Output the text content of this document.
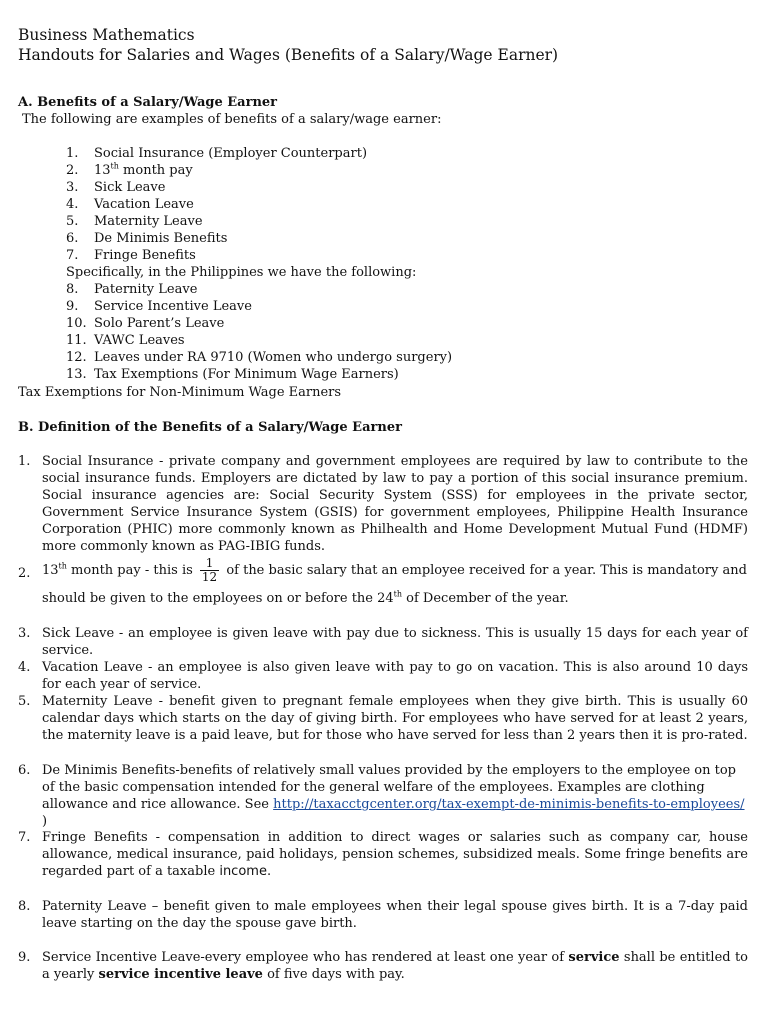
Business Mathematics
Handouts for Salaries and Wages (Benefits of a Salary/Wage Earner)
A. Benefits of a Salary/Wage Earner
The following are examples of benefits of a salary/wage earner:
1. Social Insurance (Employer Counterpart)
2. 13th month pay
3. Sick Leave
4. Vacation Leave
5. Maternity Leave
6. De Minimis Benefits
7. Fringe Benefits
Specifically, in the Philippines we have the following:
8. Paternity Leave
9. Service Incentive Leave
10. Solo Parent’s Leave
11. VAWC Leaves
12. Leaves under RA 9710 (Women who undergo surgery)
13. Tax Exemptions (For Minimum Wage Earners)
Tax Exemptions for Non-Minimum Wage Earners
B. Definition of the Benefits of a Salary/Wage Earner
1. Social Insurance - private company and government employees are required by law to contribute to the social insurance funds. Employers are dictated by law to pay a portion of this social insurance premium. Social insurance agencies are: Social Security System (SSS) for employees in the private sector, Government Service Insurance System (GSIS) for government employees, Philippine Health Insurance Corporation (PHIC) more commonly known as Philhealth and Home Development Mutual Fund (HDMF) more commonly known as PAG-IBIG funds.
2. 13th month pay - this is $\frac{1}{12}$ of the basic salary that an employee received for a year. This is mandatory and
should be given to the employees on or before the 24th of December of the year.
3. Sick Leave - an employee is given leave with pay due to sickness. This is usually 15 days for each year of service.
4. Vacation Leave - an employee is also given leave with pay to go on vacation. This is also around 10 days for each year of service.
5. Maternity Leave - benefit given to pregnant female employees when they give birth. This is usually 60 calendar days which starts on the day of giving birth. For employees who have served for at least 2 years, the maternity leave is a paid leave, but for those who have served for less than 2 years then it is pro-rated.
6. De Minimis Benefits-benefits of relatively small values provided by the employers to the employee on top of the basic compensation intended for the general welfare of the employees. Examples are clothing allowance and rice allowance. See http://taxacctgcenter.org/tax-exempt-de-minimis-benefits-to-employees/ )
7. Fringe Benefits - compensation in addition to direct wages or salaries such as company car, house allowance, medical insurance, paid holidays, pension schemes, subsidized meals. Some fringe benefits are regarded part of a taxable income.
8. Paternity Leave – benefit given to male employees when their legal spouse gives birth. It is a 7-day paid leave starting on the day the spouse gave birth.
9. Service Incentive Leave-every employee who has rendered at least one year of service shall be entitled to a yearly service incentive leave of five days with pay.
